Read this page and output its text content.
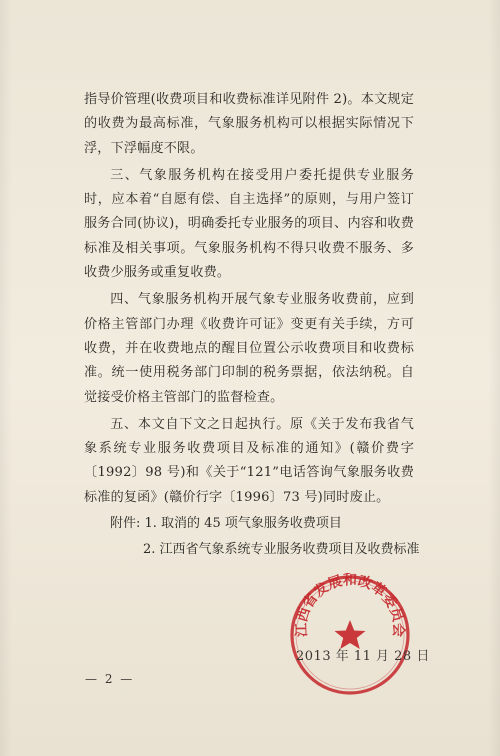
指导价管理(收费项目和收费标准详见附件 2)。本文规定的收费为最高标准，气象服务机构可以根据实际情况下浮，下浮幅度不限。

三、气象服务机构在接受用户委托提供专业服务时，应本着“自愿有偿、自主选择”的原则，与用户签订服务合同(协议)，明确委托专业服务的项目、内容和收费标准及相关事项。气象服务机构不得只收费不服务、多收费少服务或重复收费。

四、气象服务机构开展气象专业服务收费前，应到价格主管部门办理《收费许可证》变更有关手续，方可收费，并在收费地点的醒目位置公示收费项目和收费标准。统一使用税务部门印制的税务票据，依法纳税。自觉接受价格主管部门的监督检查。

五、本文自下文之日起执行。原《关于发布我省气象系统专业服务收费项目及标准的通知》(赣价费字〔1992〕98 号)和《关于“121”电话答询气象服务收费标准的复函》(赣价行字〔1996〕73 号)同时废止。

附件: 1. 取消的 45 项气象服务收费项目
2. 江西省气象系统专业服务收费项目及收费标准
江西省发展和改革委员会
2013 年 11 月 28 日
— 2 —
